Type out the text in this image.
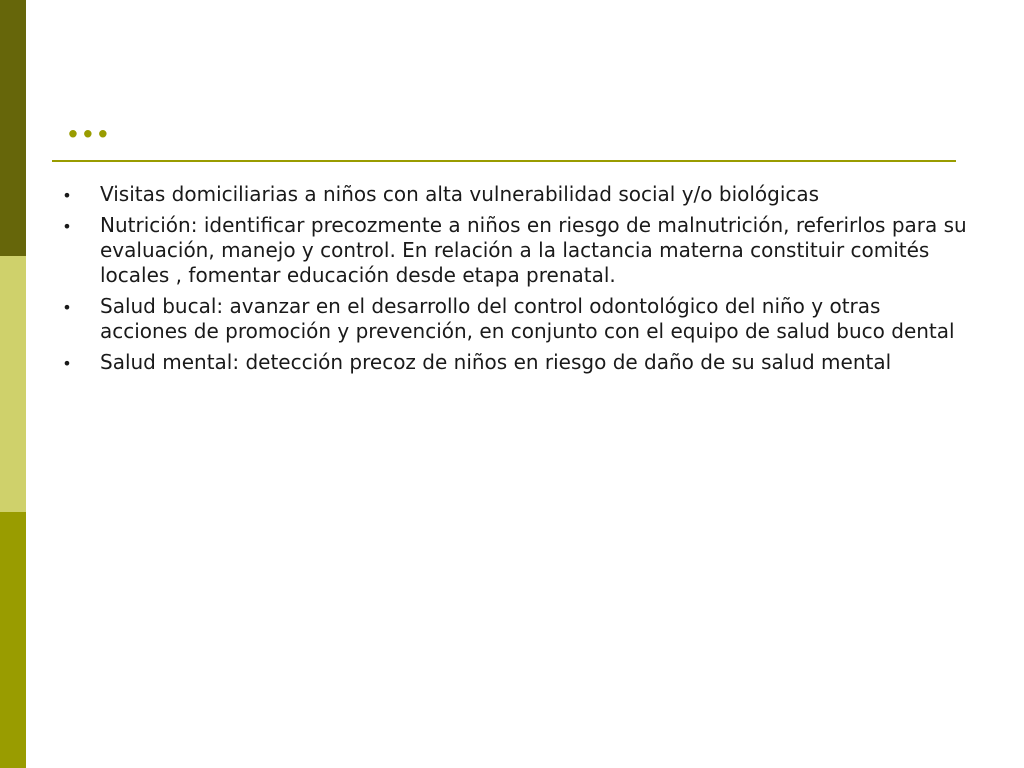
...
• Visitas domiciliarias a niños con alta vulnerabilidad social y/o biológicas
• Nutrición: identificar precozmente a niños en riesgo de malnutrición, referirlos para su evaluación, manejo y control. En relación a la lactancia materna constituir comités locales , fomentar educación desde etapa prenatal.
• Salud bucal: avanzar en el desarrollo del control odontológico del niño y otras acciones de promoción y prevención, en conjunto con el equipo de salud buco dental
• Salud mental: detección precoz de niños en riesgo de daño de su salud mental
